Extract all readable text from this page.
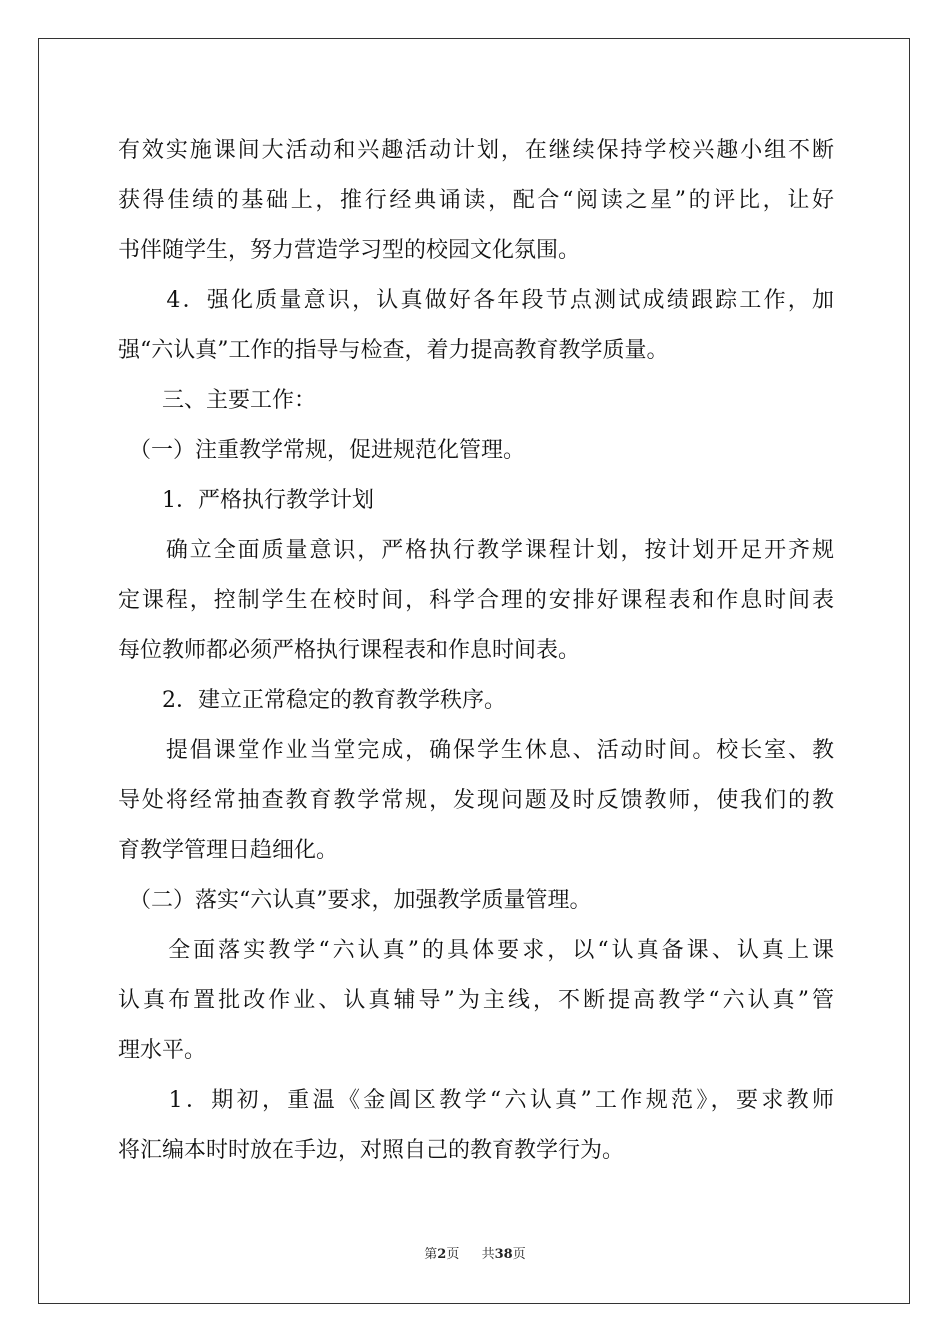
有效实施课间大活动和兴趣活动计划，在继续保持学校兴趣小组不断
获得佳绩的基础上，推行经典诵读，配合“阅读之星”的评比，让好
书伴随学生，努力营造学习型的校园文化氛围。
　　4．强化质量意识，认真做好各年段节点测试成绩跟踪工作，加
强“六认真”工作的指导与检查，着力提高教育教学质量。
　　三、主要工作：
　（一）注重教学常规，促进规范化管理。
　　1．严格执行教学计划
　　确立全面质量意识，严格执行教学课程计划，按计划开足开齐规
定课程，控制学生在校时间，科学合理的安排好课程表和作息时间表
每位教师都必须严格执行课程表和作息时间表。
　　2．建立正常稳定的教育教学秩序。
　　提倡课堂作业当堂完成，确保学生休息、活动时间。校长室、教
导处将经常抽查教育教学常规，发现问题及时反馈教师，使我们的教
育教学管理日趋细化。
　（二）落实“六认真”要求，加强教学质量管理。
　　全面落实教学“六认真”的具体要求，以“认真备课、认真上课
认真布置批改作业、认真辅导”为主线，不断提高教学“六认真”管
理水平。
　　1．期初，重温《金阊区教学“六认真”工作规范》，要求教师
将汇编本时时放在手边，对照自己的教育教学行为。
第2页 共38页
